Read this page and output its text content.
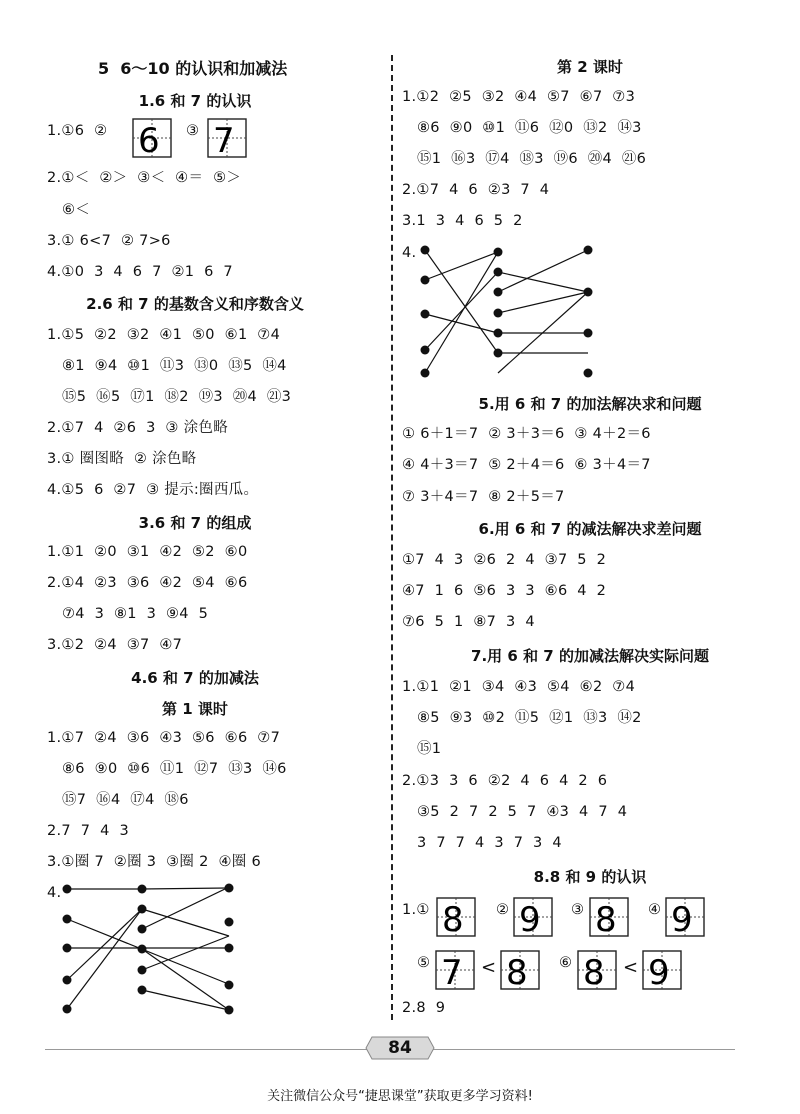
5  6～10 的认识和加减法
1.6 和 7 的认识
1.①6  ② 6 ③ 7
2.①＜  ②＞  ③＜  ④＝  ⑤＞
⑥＜
3.① 6<7  ② 7>6
4.①0  3  4  6  7  ②1  6  7
2.6 和 7 的基数含义和序数含义
1.①5  ②2  ③2  ④1  ⑤0  ⑥1  ⑦4
⑧1  ⑨4  ⑩1  ⑪3  ⑬0  ⑬5  ⑭4
⑮5  ⑯5  ⑰1  ⑱2  ⑲3  ⑳4  ㉑3
2.①7  4  ②6  3  ③ 涂色略
3.① 圈图略  ② 涂色略
4.①5  6  ②7  ③ 提示:圈西瓜。
3.6 和 7 的组成
1.①1  ②0  ③1  ④2  ⑤2  ⑥0
2.①4  ②3  ③6  ④2  ⑤4  ⑥6
⑦4  3  ⑧1  3  ⑨4  5
3.①2  ②4  ③7  ④7
4.6 和 7 的加减法
第 1 课时
1.①7  ②4  ③6  ④3  ⑤6  ⑥6  ⑦7
⑧6  ⑨0  ⑩6  ⑪1  ⑫7  ⑬3  ⑭6
⑮7  ⑯4  ⑰4  ⑱6
2.7  7  4  3
3.①圈 7  ②圈 3  ③圈 2  ④圈 6
4.
第 2 课时
1.①2  ②5  ③2  ④4  ⑤7  ⑥7  ⑦3
⑧6  ⑨0  ⑩1  ⑪6  ⑫0  ⑬2  ⑭3
⑮1  ⑯3  ⑰4  ⑱3  ⑲6  ⑳4  ㉑6
2.①7  4  6  ②3  7  4
3.1  3  4  6  5  2
4.
5.用 6 和 7 的加法解决求和问题
① 6＋1＝7  ② 3＋3＝6  ③ 4＋2＝6
④ 4＋3＝7  ⑤ 2＋4＝6  ⑥ 3＋4＝7
⑦ 3＋4＝7  ⑧ 2＋5＝7
6.用 6 和 7 的减法解决求差问题
①7  4  3  ②6  2  4  ③7  5  2
④7  1  6  ⑤6  3  3  ⑥6  4  2
⑦6  5  1  ⑧7  3  4
7.用 6 和 7 的加减法解决实际问题
1.①1  ②1  ③4  ④3  ⑤4  ⑥2  ⑦4
⑧5  ⑨3  ⑩2  ⑪5  ⑫1  ⑬3  ⑭2
⑮1
2.①3  3  6  ②2  4  6  4  2  6
③5  2  7  2  5  7  ④3  4  7  4
3  7  7  4  3  7  3  4
8.8 和 9 的认识
1.① 8 ② 9 ③ 8 ④ 9
⑤ 7 < 8 ⑥ 8 < 9
2.8  9
84
关注微信公众号“捷思课堂”获取更多学习资料!
